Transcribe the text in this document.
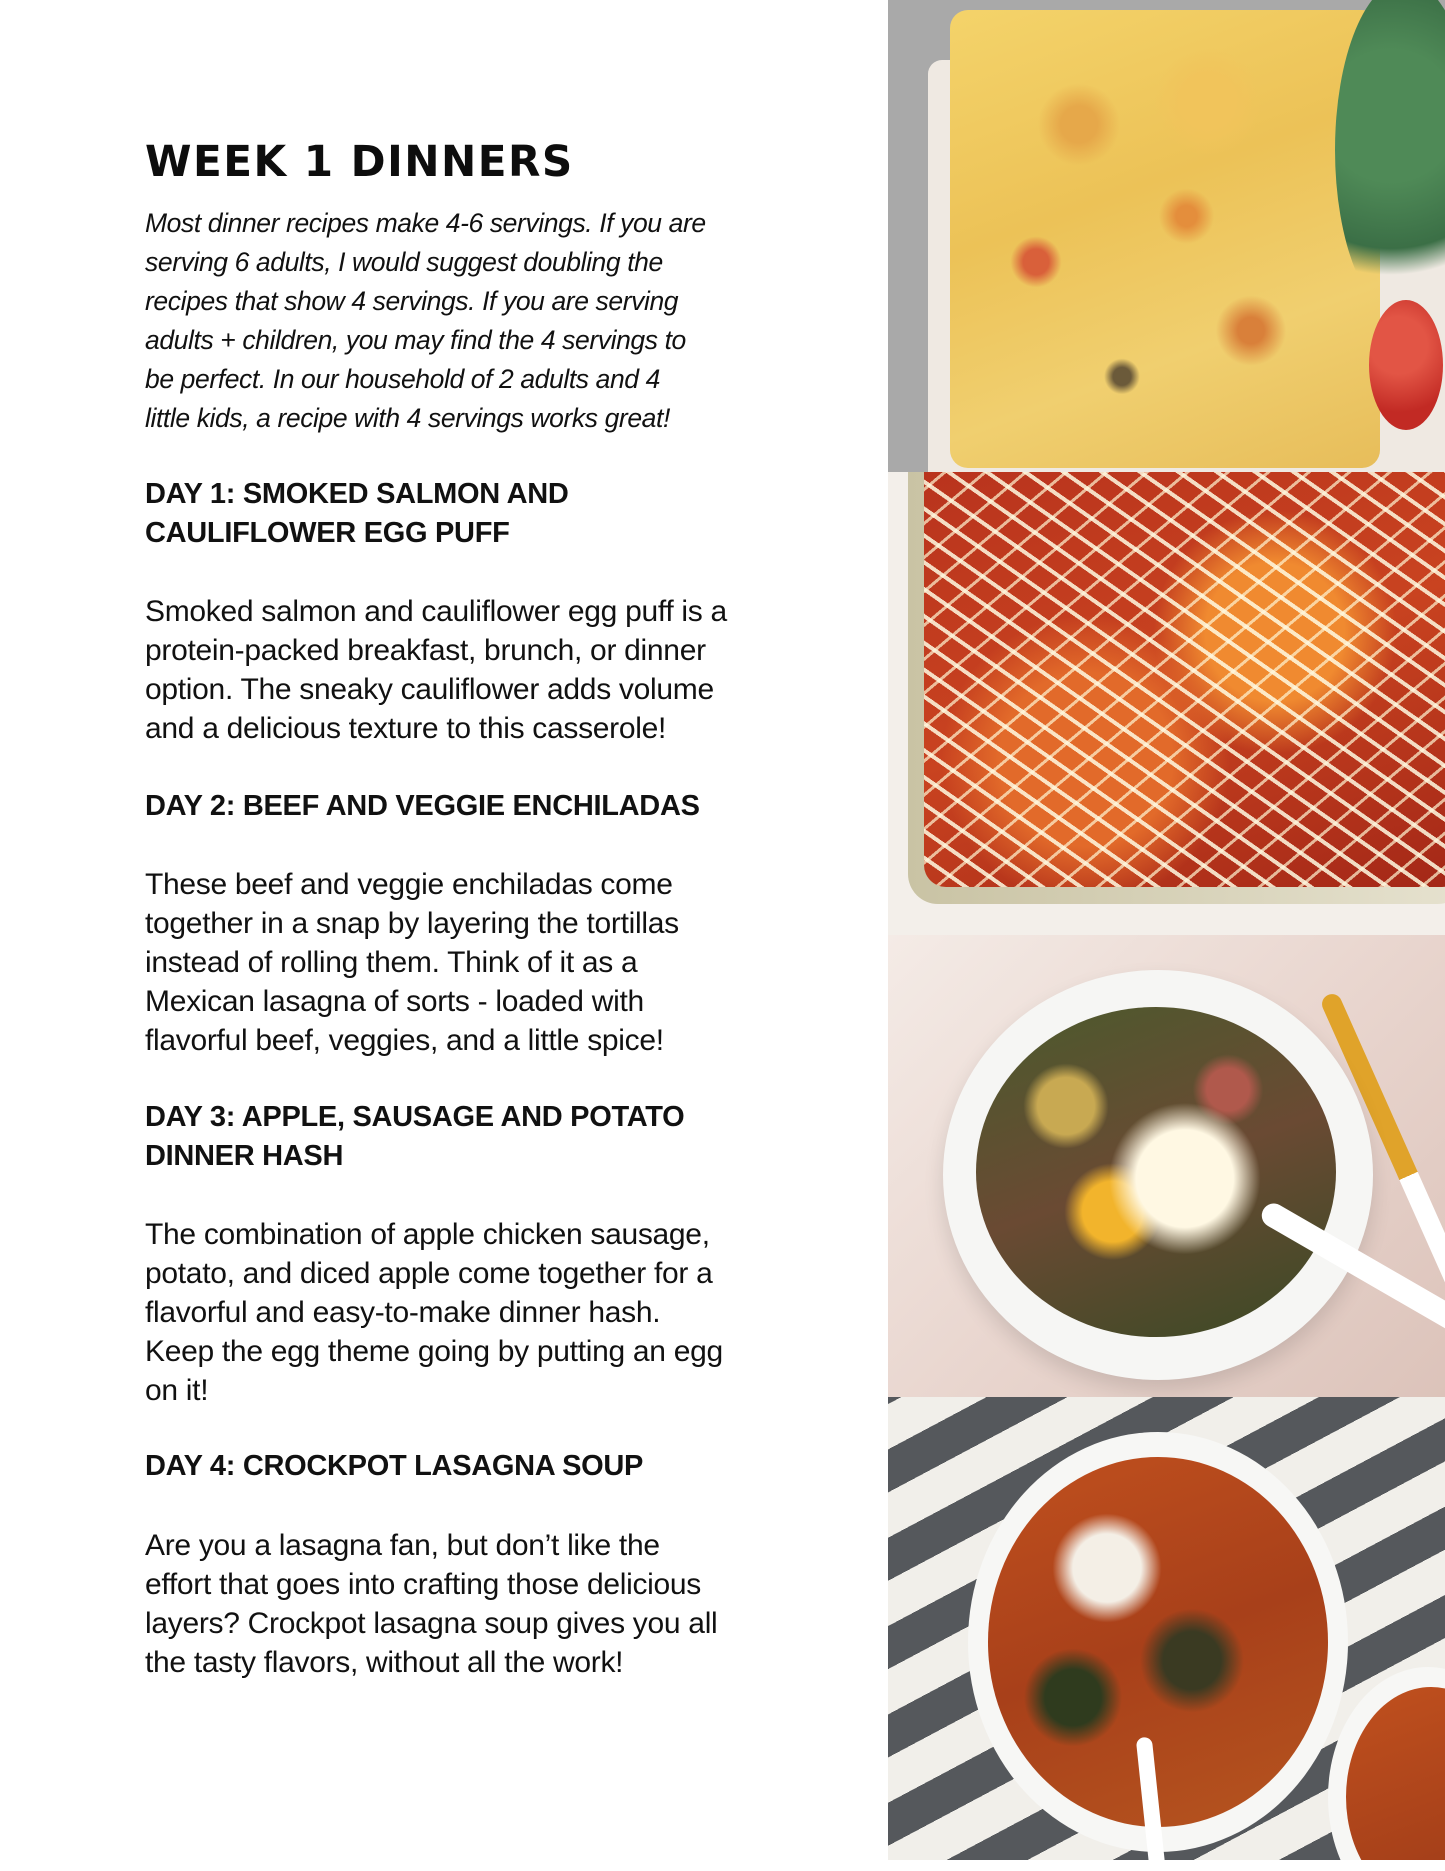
WEEK 1 DINNERS

Most dinner recipes make 4-6 servings. If you are
serving 6 adults, I would suggest doubling the
recipes that show 4 servings. If you are serving
adults + children, you may find the 4 servings to
be perfect. In our household of 2 adults and 4
little kids, a recipe with 4 servings works great!

DAY 1: SMOKED SALMON AND
CAULIFLOWER EGG PUFF

Smoked salmon and cauliflower egg puff is a
protein-packed breakfast, brunch, or dinner
option. The sneaky cauliflower adds volume
and a delicious texture to this casserole!

DAY 2: BEEF AND VEGGIE ENCHILADAS

These beef and veggie enchiladas come
together in a snap by layering the tortillas
instead of rolling them. Think of it as a
Mexican lasagna of sorts - loaded with
flavorful beef, veggies, and a little spice!

DAY 3: APPLE, SAUSAGE AND POTATO
DINNER HASH

The combination of apple chicken sausage,
potato, and diced apple come together for a
flavorful and easy-to-make dinner hash.
Keep the egg theme going by putting an egg
on it!

DAY 4: CROCKPOT LASAGNA SOUP

Are you a lasagna fan, but don’t like the
effort that goes into crafting those delicious
layers? Crockpot lasagna soup gives you all
the tasty flavors, without all the work!
